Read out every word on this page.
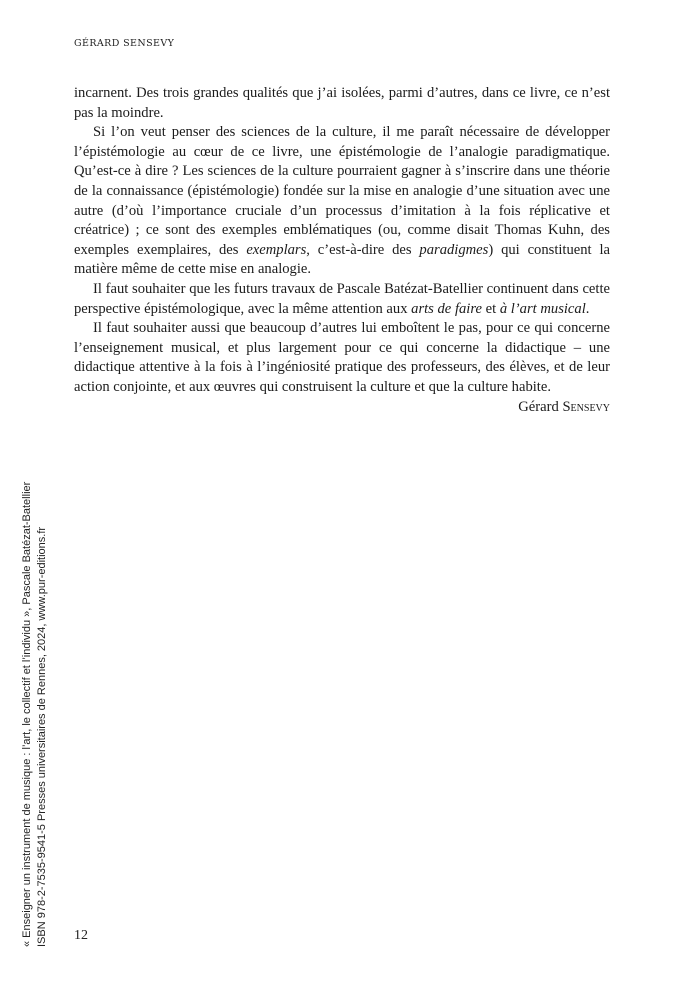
GÉRARD SENSEVY

incarnent. Des trois grandes qualités que j’ai isolées, parmi d’autres, dans ce livre, ce n’est pas la moindre.

Si l’on veut penser des sciences de la culture, il me paraît nécessaire de développer l’épistémologie au cœur de ce livre, une épistémologie de l’analogie paradigmatique. Qu’est-ce à dire ? Les sciences de la culture pourraient gagner à s’inscrire dans une théorie de la connaissance (épistémologie) fondée sur la mise en analogie d’une situation avec une autre (d’où l’importance cruciale d’un processus d’imitation à la fois réplicative et créatrice) ; ce sont des exemples emblématiques (ou, comme disait Thomas Kuhn, des exemples exemplaires, des exemplars, c’est-à-dire des paradigmes) qui constituent la matière même de cette mise en analogie.

Il faut souhaiter que les futurs travaux de Pascale Batézat-Batellier continuent dans cette perspective épistémologique, avec la même attention aux arts de faire et à l’art musical.

Il faut souhaiter aussi que beaucoup d’autres lui emboîtent le pas, pour ce qui concerne l’enseignement musical, et plus largement pour ce qui concerne la didactique – une didactique attentive à la fois à l’ingéniosité pratique des professeurs, des élèves, et de leur action conjointe, et aux œuvres qui construisent la culture et que la culture habite.

Gérard Sensevy

« Enseigner un instrument de musique : l’art, le collectif et l’individu », Pascale Batézat-Batellier ISBN 978-2-7535-9541-5 Presses universitaires de Rennes, 2024, www.pur-editions.fr 12
